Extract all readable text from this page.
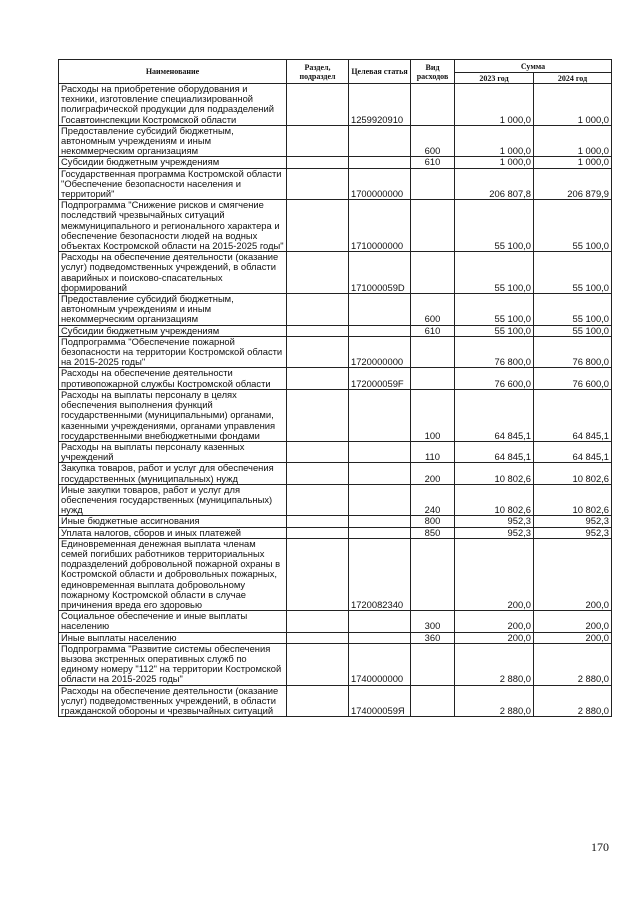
Наименование	Раздел, подраздел	Целевая статья	Вид расходов	Сумма	
				2023 год	2024 год
Расходы на приобретение оборудования и техники, изготовление специализированной полиграфической продукции для подразделений Госавтоинспекции Костромской области		1259920910		1 000,0	1 000,0
Предоставление субсидий бюджетным, автономным учреждениям и иным некоммерческим организациям			600	1 000,0	1 000,0
Субсидии бюджетным учреждениям			610	1 000,0	1 000,0
Государственная программа Костромской области "Обеспечение безопасности населения и территорий"		1700000000		206 807,8	206 879,9
Подпрограмма "Снижение рисков и смягчение последствий чрезвычайных ситуаций межмуниципального и регионального характера и обеспечение безопасности людей на водных объектах Костромской области на 2015-2025 годы"		1710000000		55 100,0	55 100,0
Расходы на обеспечение деятельности (оказание услуг) подведомственных учреждений, в области аварийных и поисково-спасательных формирований		171000059D		55 100,0	55 100,0
Предоставление субсидий бюджетным, автономным учреждениям и иным некоммерческим организациям			600	55 100,0	55 100,0
Субсидии бюджетным учреждениям			610	55 100,0	55 100,0
Подпрограмма "Обеспечение пожарной безопасности на территории Костромской области на 2015-2025 годы"		1720000000		76 800,0	76 800,0
Расходы на обеспечение деятельности противопожарной службы Костромской области		172000059F		76 600,0	76 600,0
Расходы на выплаты персоналу в целях обеспечения выполнения функций государственными (муниципальными) органами, казенными учреждениями, органами управления государственными внебюджетными фондами			100	64 845,1	64 845,1
Расходы на выплаты персоналу казенных учреждений			110	64 845,1	64 845,1
Закупка товаров, работ и услуг для обеспечения государственных (муниципальных) нужд			200	10 802,6	10 802,6
Иные закупки товаров, работ и услуг для обеспечения государственных (муниципальных) нужд			240	10 802,6	10 802,6
Иные бюджетные ассигнования			800	952,3	952,3
Уплата налогов, сборов и иных платежей			850	952,3	952,3
Единовременная денежная выплата членам семей погибших работников территориальных подразделений добровольной пожарной охраны в Костромской области и добровольных пожарных, единовременная выплата добровольному пожарному Костромской области в случае причинения вреда его здоровью		1720082340		200,0	200,0
Социальное обеспечение и иные выплаты населению			300	200,0	200,0
Иные выплаты населению			360	200,0	200,0
Подпрограмма "Развитие системы обеспечения вызова экстренных оперативных служб по единому номеру "112" на территории Костромской области на 2015-2025 годы"		1740000000		2 880,0	2 880,0
Расходы на обеспечение деятельности (оказание услуг) подведомственных учреждений, в области гражданской обороны и чрезвычайных ситуаций		174000059Я		2 880,0	2 880,0
170
